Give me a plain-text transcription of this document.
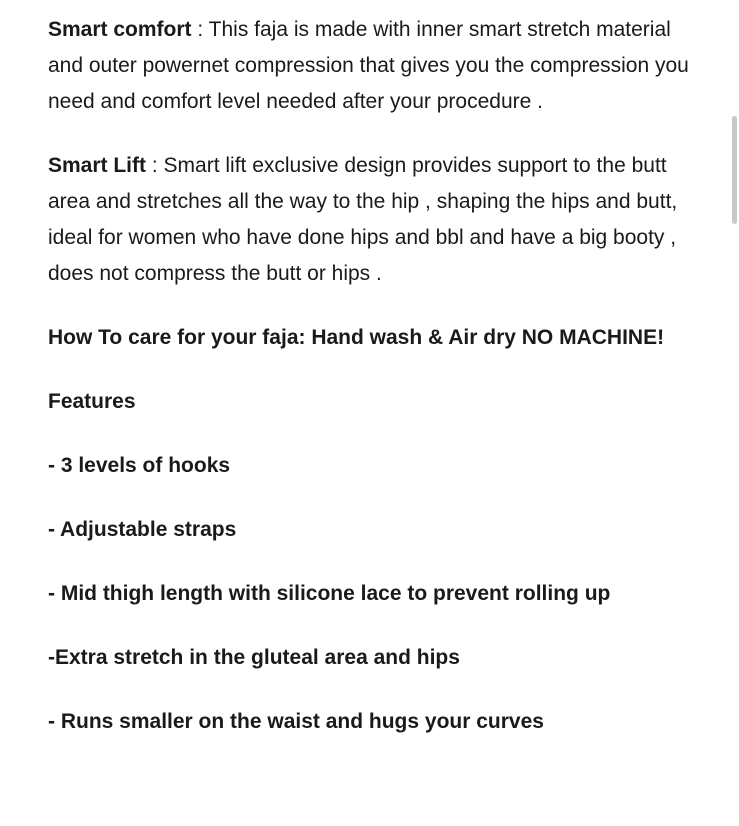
Smart comfort : This faja is made with inner smart stretch material and outer powernet compression that gives you the compression you need and comfort level needed after your procedure .

Smart Lift : Smart lift exclusive design provides support to the butt area and stretches all the way to the hip , shaping the hips and butt, ideal for women who have done hips and bbl and have a big booty , does not compress the butt or hips .

How To care for your faja: Hand wash & Air dry NO MACHINE!

Features

- 3 levels of hooks

- Adjustable straps

- Mid thigh length with silicone lace to prevent rolling up

-Extra stretch in the gluteal area and hips

- Runs smaller on the waist and hugs your curves
